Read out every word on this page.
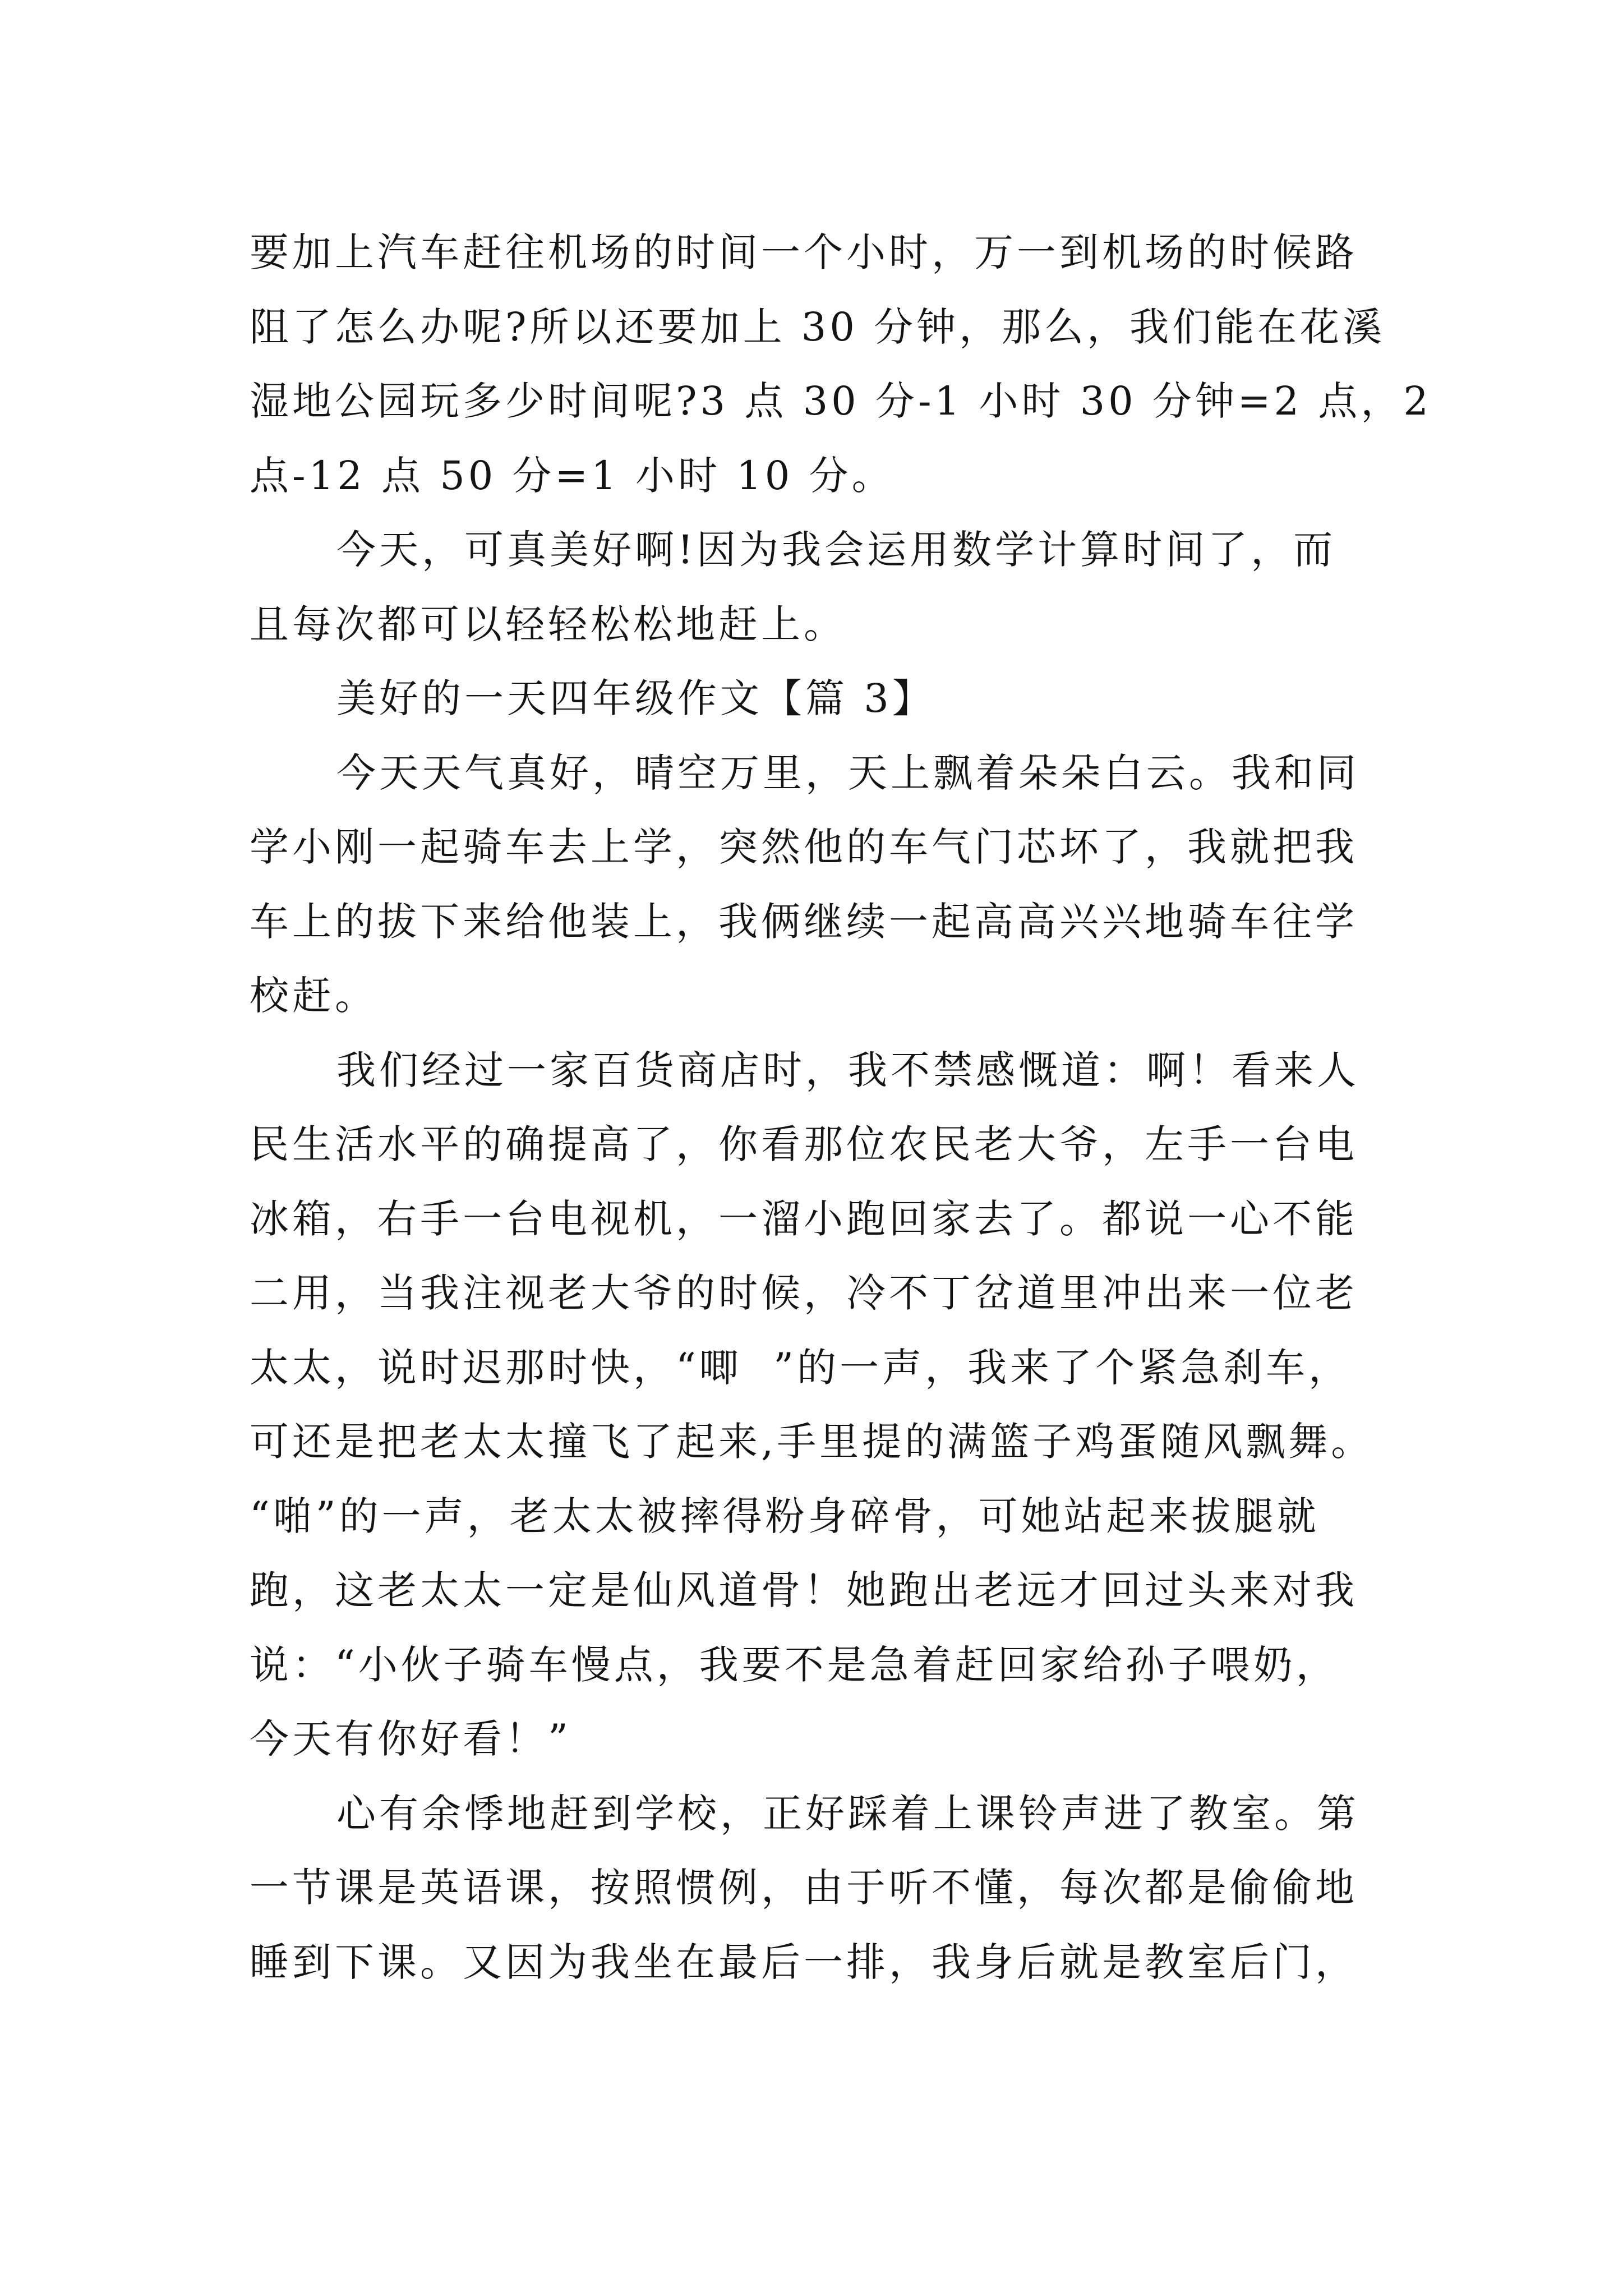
要加上汽车赶往机场的时间一个小时，万一到机场的时候路

阻了怎么办呢?所以还要加上 30 分钟，那么，我们能在花溪

湿地公园玩多少时间呢?3 点 30 分-1 小时 30 分钟=2 点，2

点-12 点 50 分=1 小时 10 分。

今天，可真美好啊!因为我会运用数学计算时间了，而

且每次都可以轻轻松松地赶上。

美好的一天四年级作文【篇 3】

今天天气真好，晴空万里，天上飘着朵朵白云。我和同

学小刚一起骑车去上学，突然他的车气门芯坏了，我就把我

车上的拔下来给他装上，我俩继续一起高高兴兴地骑车往学

校赶。

我们经过一家百货商店时，我不禁感慨道：啊！看来人

民生活水平的确提高了，你看那位农民老大爷，左手一台电

冰箱，右手一台电视机，一溜小跑回家去了。都说一心不能

二用，当我注视老大爷的时候，冷不丁岔道里冲出来一位老

太太，说时迟那时快，“唧  ”的一声，我来了个紧急刹车，

可还是把老太太撞飞了起来,手里提的满篮子鸡蛋随风飘舞。

“啪”的一声，老太太被摔得粉身碎骨，可她站起来拔腿就

跑，这老太太一定是仙风道骨！她跑出老远才回过头来对我

说：“小伙子骑车慢点，我要不是急着赶回家给孙子喂奶，

今天有你好看！”

心有余悸地赶到学校，正好踩着上课铃声进了教室。第

一节课是英语课，按照惯例，由于听不懂，每次都是偷偷地

睡到下课。又因为我坐在最后一排，我身后就是教室后门，
